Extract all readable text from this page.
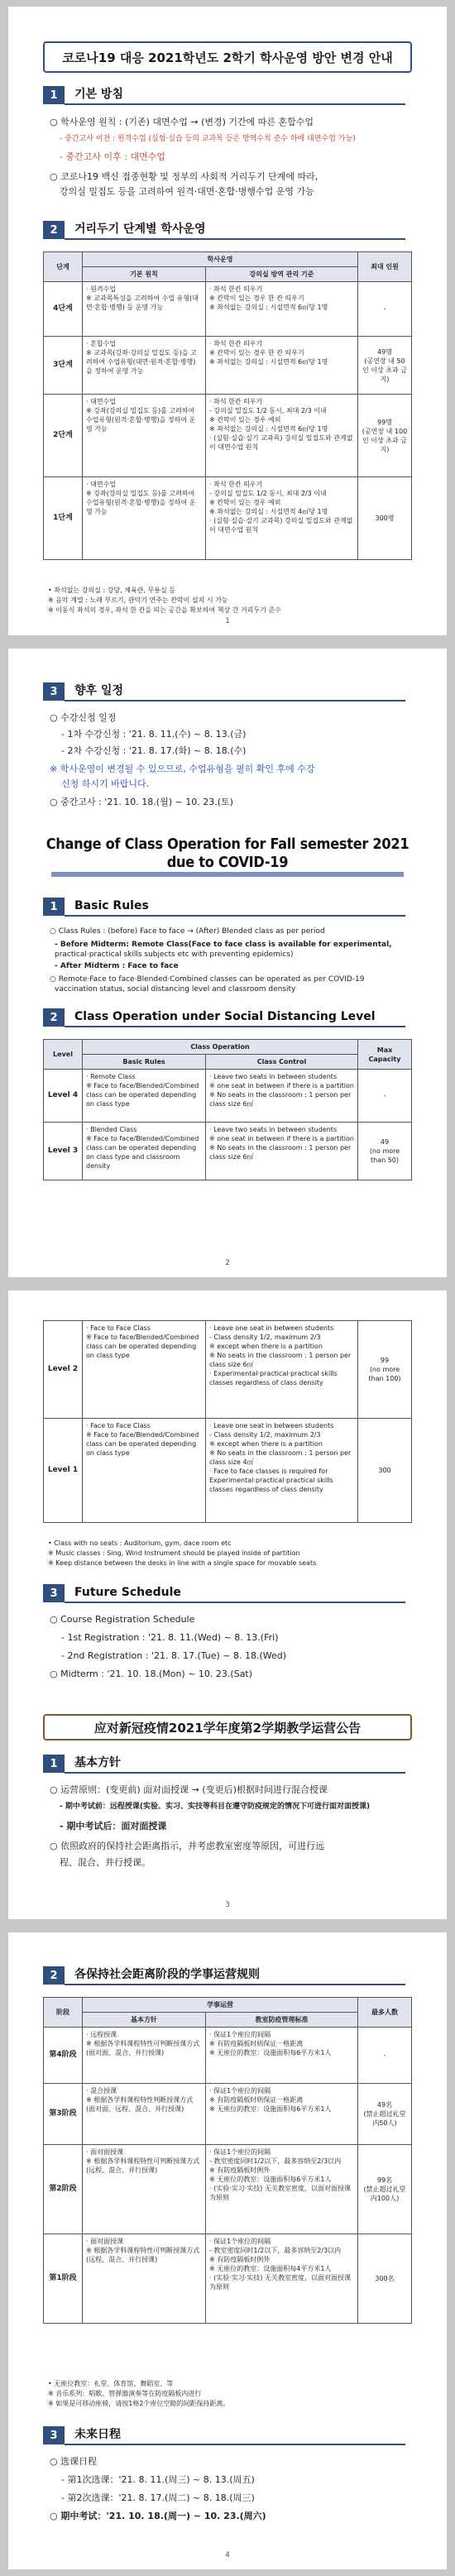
코로나19 대응 2021학년도 2학기 학사운영 방안 변경 안내
1	기본 방침
○ 학사운영 원칙 : (기존) 대면수업 → (변경) 기간에 따른 혼합수업
- 중간고사 이전 : 원격수업 (실험·실습 등의 교과목 등은 방역수칙 준수 하에 대면수업 가능)
- 중간고사 이후 : 대면수업
○ 코로나19 백신 접종현황 및 정부의 사회적 거리두기 단계에 따라,
강의실 밀집도 등을 고려하여 원격·대면·혼합·병행수업 운영 가능
2	거리두기 단계별 학사운영
단계	학사운영		최대 인원
	기본 원칙	강의실 방역 관리 기준	
4단계	· 원격수업
※ 교과목특성을 고려하여 수업 유형(대면·혼합·병행) 등 운영 가능	· 좌석 한칸 띄우기
※ 칸막이 있는 경우 한 칸 띄우기
※ 좌석없는 강의실 : 시설면적 6㎡당 1명	-
3단계	· 혼합수업
※ 교과목(강좌·강의실 밀집도 등)을 고려하여 수업유형(대면·원격·혼합·병행)을 정하여 운영 가능	· 좌석 한칸 띄우기
※ 칸막이 있는 경우 한 칸 띄우기
※ 좌석없는 강의실 : 시설면적 6㎡당 1명	49명
(공연장 내 50인 이상 초과 금지)
2단계	· 대면수업
※ 강좌(강의실 밀집도 등)를 고려하여 수업유형(원격·혼합·병행)을 정하여 운영 가능	· 좌석 한칸 띄우기
- 강의실 밀집도 1/2 동시, 최대 2/3 이내
※ 칸막이 있는 경우 예외
※ 좌석없는 강의실 : 시설면적 6㎡당 1명
· (실험·실습·실기 교과목) 강의실 밀집도와 관계없이 대면수업 원칙	99명
(공연장 내 100인 이상 초과 금지)
1단계	· 대면수업
※ 강좌(강의실 밀집도 등)를 고려하여 수업유형(원격·혼합·병행)을 정하여 운영 가능	· 좌석 한칸 띄우기
- 강의실 밀집도 1/2 동시, 최대 2/3 이내
※ 칸막이 있는 경우 예외
※ 좌석없는 강의실 : 시설면적 4㎡당 1명
· (실험·실습·실기 교과목) 강의실 밀집도와 관계없이 대면수업 원칙	300명
• 좌석없는 강의실 : 강당, 체육관, 무용실 등
※ 음악 계열 : 노래 부르기, 관악기 연주는 칸막이 설치 시 가능
※ 이동식 좌석의 경우, 좌석 한 칸을 띄는 공간을 확보하여 책상 간 거리두기 준수
1
3	향후 일정
○ 수강신청 일정
- 1차 수강신청 : '21. 8. 11.(수) ~ 8. 13.(금)
- 2차 수강신청 : '21. 8. 17.(화) ~ 8. 18.(수)
※ 학사운영이 변경될 수 있으므로, 수업유형을 필히 확인 후에 수강
신청 하시기 바랍니다.
○ 중간고사 : '21. 10. 18.(월) ~ 10. 23.(토)
Change of Class Operation for Fall semester 2021
due to COVID-19
1	Basic Rules
○ Class Rules : (before) Face to face → (After) Blended class as per period
- Before Midterm: Remote Class(Face to face class is available for experimental,
practical·practical skills subjects etc with preventing epidemics)
- After Midterm : Face to face
○ Remote·Face to face·Blended·Combined classes can be operated as per COVID-19
vaccination status, social distancing level and classroom density
2	Class Operation under Social Distancing Level
Level	Class Operation		Max Capacity
	Basic Rules	Class Control	
Level 4	· Remote Class
※ Face to face/Blended/Combined class can be operated depending on class type	· Leave two seats in between students
※ one seat in between if there is a partition
※ No seats in the classroom : 1 person per class size 6㎡	-
Level 3	· Blended Class
※ Face to face/Blended/Combined class can be operated depending on class type and classroom density	· Leave two seats in between students
※ one seat in between if there is a partition
※ No seats in the classroom : 1 person per class size 6㎡	49
(no more than 50)
2
Level 2	· Face to Face Class
※ Face to face/Blended/Combined class can be operated depending on class type	· Leave one seat in between students
- Class density 1/2, maximum 2/3
※ except when there is a partition
※ No seats in the classroom : 1 person per class size 6㎡
· Experimental·practical·practical skills classes regardless of class density	99
(no more than 100)
Level 1	· Face to Face Class
※ Face to face/Blended/Combined class can be operated depending on class type	· Leave one seat in between students
- Class density 1/2, maximum 2/3
※ except when there is a partition
※ No seats in the classroom : 1 person per class size 4㎡
· Face to face classes is required for Experimental·practical·practical skills classes regardless of class density	300
• Class with no seats : Auditorium, gym, dace room etc
※ Music classes : Sing, Wind Instrument should be played inside of partition
※ Keep distance between the desks in line with a single space for movable seats
3	Future Schedule
○ Course Registration Schedule
- 1st Registration : '21. 8. 11.(Wed) ~ 8. 13.(Fri)
- 2nd Registration : '21. 8. 17.(Tue) ~ 8. 18.(Wed)
○ Midterm : '21. 10. 18.(Mon) ~ 10. 23.(Sat)
应对新冠疫情2021学年度第2学期教学运营公告
1	基本方针
○ 运营原则：(变更前) 面对面授课 → (变更后)根据时间进行混合授课
- 期中考试前：远程授课(实验、实习、实技等科目在遵守防疫规定的情况下可进行面对面授课)
- 期中考试后：面对面授课
○ 依照政府的保持社会距离指示，并考虑教室密度等原因，可进行远
程、混合、并行授课。
3
2	各保持社会距离阶段的学事运营规则
阶段	学事运营		最多人数
	基本方针	教室防疫管理标准	
第4阶段	· 远程授课
※ 根据各学科课程特性可判断授课方式(面对面、混合、并行授课)	· 保证1个座位的间隔
※ 有防疫隔板时则保证一格距离
※ 无座位的教室：设施面积每6平方米1人	-
第3阶段	· 混合授课
※ 根据各学科课程特性判断授课方式(面对面、远程、混合、并行授课)	· 保证1个座位的间隔
※ 有防疫隔板时则保证一格距离
※ 无座位的教室：设施面积每6平方米1人	49名
(禁止超过礼堂内50人)
第2阶段	· 面对面授课
※ 根据各学科课程特性可判断授课方式(远程、混合、并行授课)	· 保证1个座位的间隔
- 教室密度同时1/2以下，最多容纳至2/3以内
※ 有防疫隔板时例外
※ 无座位的教室：设施面积每6平方米1人
· (实验·实习·实技) 无关教室密度，以面对面授课为原则	99名
(禁止超过礼堂内100人)
第1阶段	· 面对面授课
※ 根据各学科课程特性可判断授课方式(远程、混合、并行授课)	· 保证1个座位的间隔
- 教室密度同时1/2以下，最多容纳至2/3以内
※ 有防疫隔板时例外
※ 无座位的教室：设施面积每4平方米1人
· (实验·实习·实技) 无关教室密度，以面对面授课为原则	300名
• 无座位教室：礼堂、体育馆、舞蹈室、等
※ 音乐系列：唱歌、管弹器演奏等在防疫隔板内进行
※ 如果是可移动座椅，请按1格2个座位空隙的间距保持距离。
3	未来日程
○ 选课日程
- 第1次选课：'21. 8. 11.(周三) ~ 8. 13.(周五)
- 第2次选课：'21. 8. 17.(周二) ~ 8. 18.(周三)
○ 期中考试：'21. 10. 18.(周一) ~ 10. 23.(周六)
4
